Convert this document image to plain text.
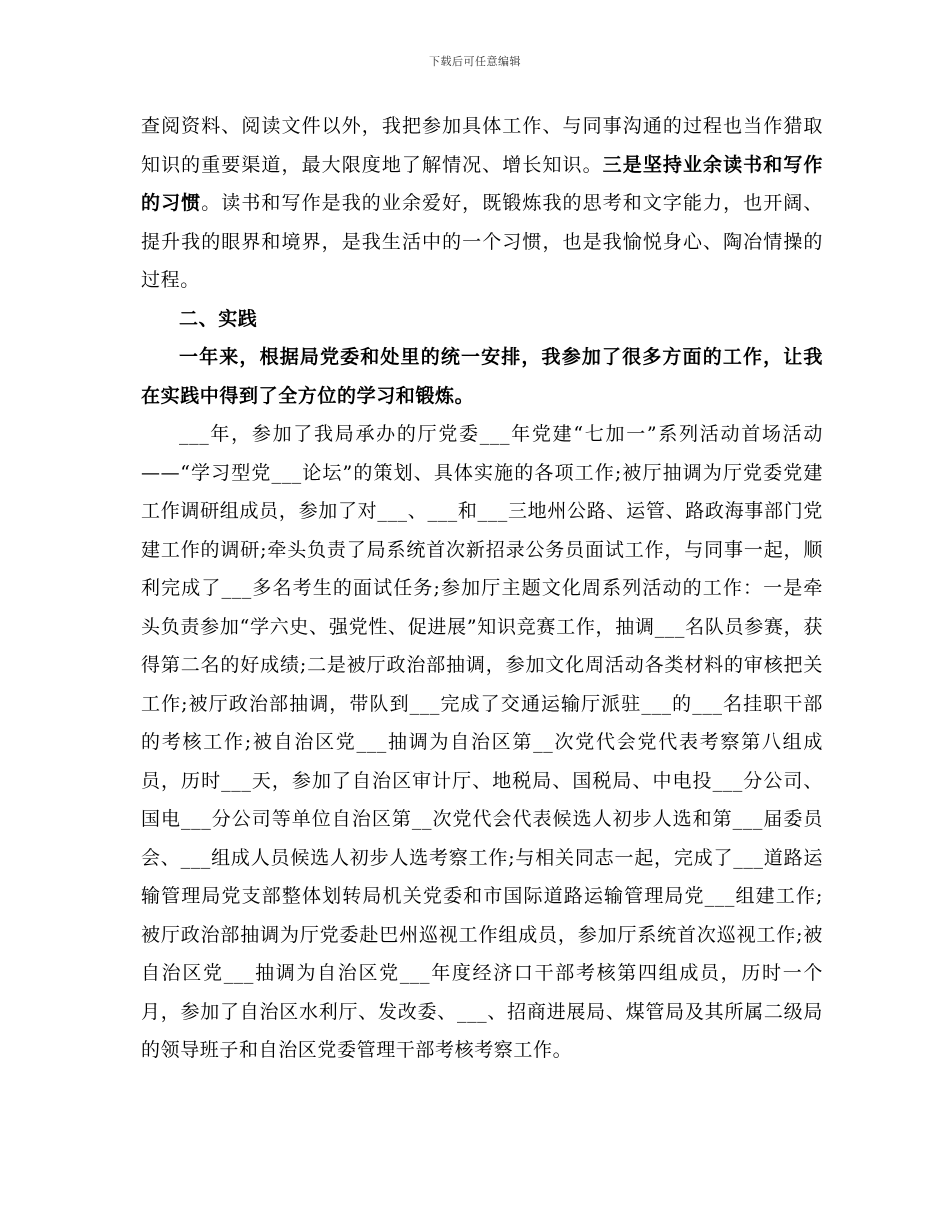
下载后可任意编辑

查阅资料、阅读文件以外，我把参加具体工作、与同事沟通的过程也当作猎取知识的重要渠道，最大限度地了解情况、增长知识。三是坚持业余读书和写作的习惯。读书和写作是我的业余爱好，既锻炼我的思考和文字能力，也开阔、提升我的眼界和境界，是我生活中的一个习惯，也是我愉悦身心、陶冶情操的过程。

二、实践

一年来，根据局党委和处里的统一安排，我参加了很多方面的工作，让我在实践中得到了全方位的学习和锻炼。

___年，参加了我局承办的厅党委___年党建“七加一”系列活动首场活动——“学习型党___论坛”的策划、具体实施的各项工作;被厅抽调为厅党委党建工作调研组成员，参加了对___、___和___三地州公路、运管、路政海事部门党建工作的调研;牵头负责了局系统首次新招录公务员面试工作，与同事一起，顺利完成了___多名考生的面试任务;参加厅主题文化周系列活动的工作：一是牵头负责参加“学六史、强党性、促进展”知识竞赛工作，抽调___名队员参赛，获得第二名的好成绩;二是被厅政治部抽调，参加文化周活动各类材料的审核把关工作;被厅政治部抽调，带队到___完成了交通运输厅派驻___的___名挂职干部的考核工作;被自治区党___抽调为自治区第__次党代会党代表考察第八组成员，历时___天，参加了自治区审计厅、地税局、国税局、中电投___分公司、国电___分公司等单位自治区第__次党代会代表候选人初步人选和第___届委员会、___组成人员候选人初步人选考察工作;与相关同志一起，完成了___道路运输管理局党支部整体划转局机关党委和市国际道路运输管理局党___组建工作;被厅政治部抽调为厅党委赴巴州巡视工作组成员，参加厅系统首次巡视工作;被自治区党___抽调为自治区党___年度经济口干部考核第四组成员，历时一个月，参加了自治区水利厅、发改委、___、招商进展局、煤管局及其所属二级局的领导班子和自治区党委管理干部考核考察工作。
